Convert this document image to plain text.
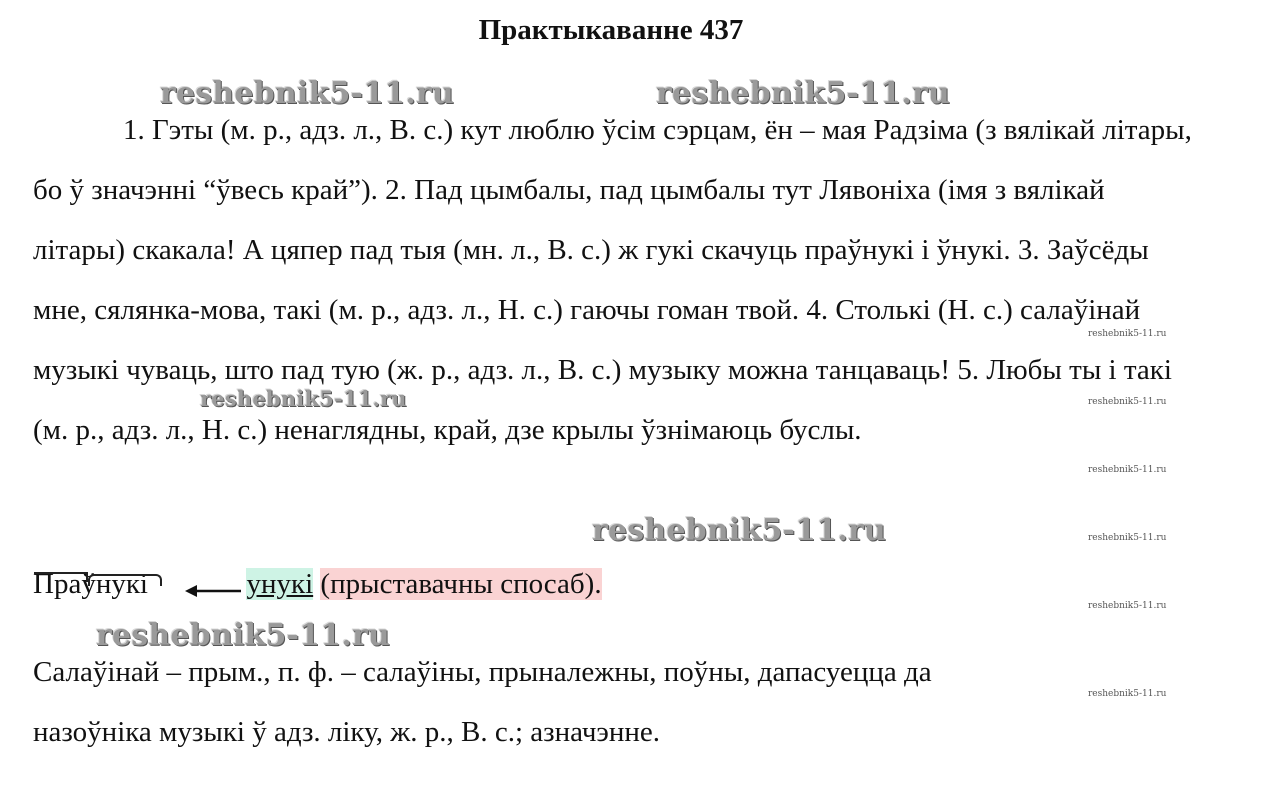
Практыкаванне 437
reshebnik5-11.ru	reshebnik5-11.ru
reshebnik5-11.ru
reshebnik5-11.ru
reshebnik5-11.ru
reshebnik5-11.ru
reshebnik5-11.ru
reshebnik5-11.ru
reshebnik5-11.ru
reshebnik5-11.ru
reshebnik5-11.ru

1. Гэты (м. р., адз. л., В. с.) кут люблю ўсім сэрцам, ён – мая Радзіма (з вялікай літары, бо ў значэнні “ўвесь край”). 2. Пад цымбалы, пад цымбалы тут Лявоніха (імя з вялікай літары) скакала! А цяпер пад тыя (мн. л., В. с.) ж гукі скачуць праўнукі і ўнукі. 3. Заўсёды мне, сялянка-мова, такі (м. р., адз. л., Н. с.) гаючы гоман твой. 4. Столькі (Н. с.) салаўінай музыкі чуваць, што пад тую (ж. р., адз. л., В. с.) музыку можна танцаваць! 5. Любы ты і такі (м. р., адз. л., Н. с.) ненаглядны, край, дзе крылы ўзнімаюць буслы.

Праўнукі	унукі (прыставачны спосаб).
Салаўінай – прым., п. ф. – салаўіны, прыналежны, поўны, дапасуецца да
назоўніка музыкі ў адз. ліку, ж. р., В. с.; азначэнне.
